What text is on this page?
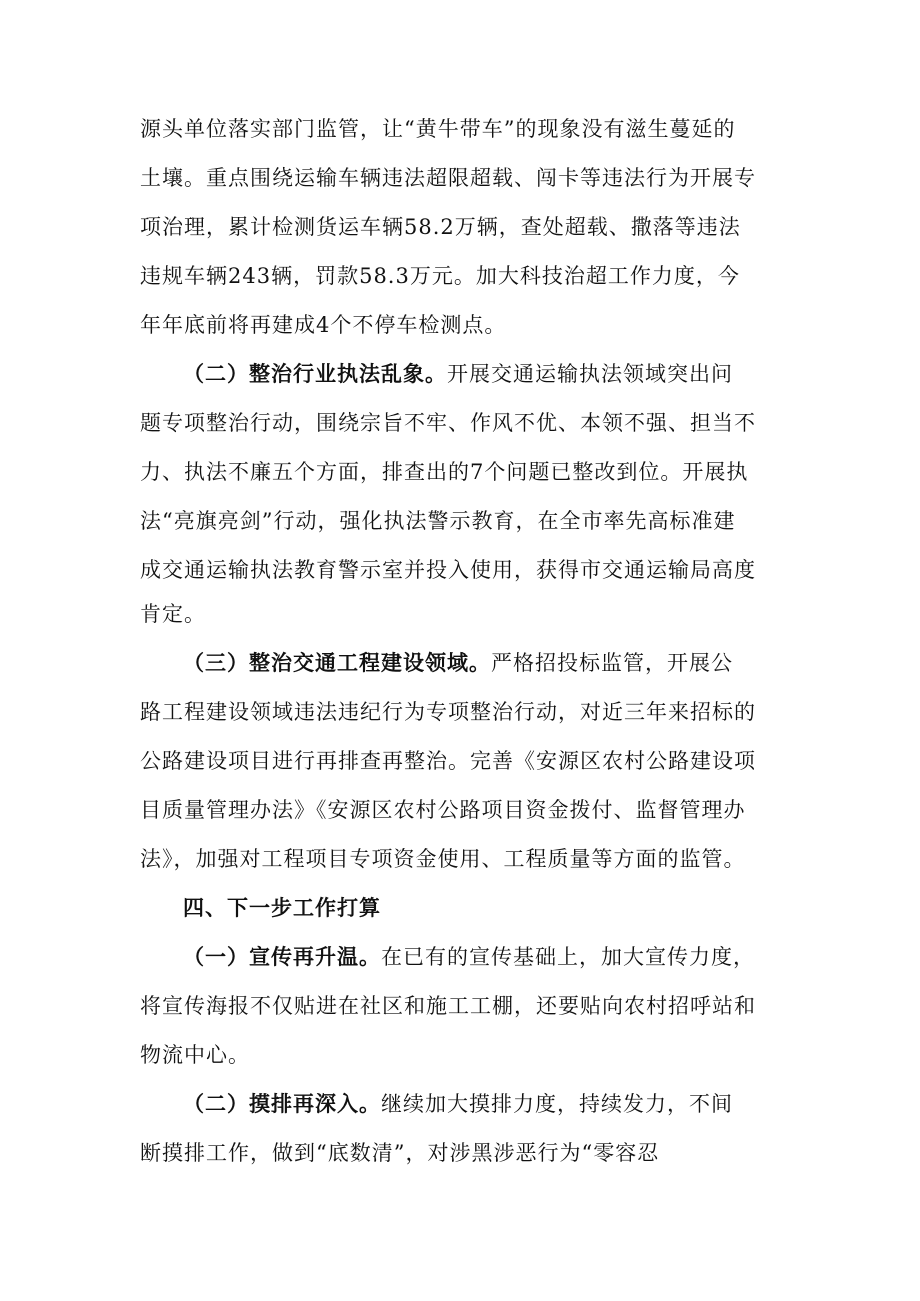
源头单位落实部门监管，让“黄牛带车”的现象没有滋生蔓延的
土壤。重点围绕运输车辆违法超限超载、闯卡等违法行为开展专
项治理，累计检测货运车辆58.2万辆，查处超载、撒落等违法
违规车辆243辆，罚款58.3万元。加大科技治超工作力度，今
年年底前将再建成4个不停车检测点。
（二）整治行业执法乱象。开展交通运输执法领域突出问
题专项整治行动，围绕宗旨不牢、作风不优、本领不强、担当不
力、执法不廉五个方面，排查出的7个问题已整改到位。开展执
法“亮旗亮剑”行动，强化执法警示教育，在全市率先高标准建
成交通运输执法教育警示室并投入使用，获得市交通运输局高度
肯定。
（三）整治交通工程建设领域。严格招投标监管，开展公
路工程建设领域违法违纪行为专项整治行动，对近三年来招标的
公路建设项目进行再排查再整治。完善《安源区农村公路建设项
目质量管理办法》《安源区农村公路项目资金拨付、监督管理办
法》，加强对工程项目专项资金使用、工程质量等方面的监管。
四、下一步工作打算
（一）宣传再升温。在已有的宣传基础上，加大宣传力度，
将宣传海报不仅贴进在社区和施工工棚，还要贴向农村招呼站和
物流中心。
（二）摸排再深入。继续加大摸排力度，持续发力，不间
断摸排工作，做到“底数清”，对涉黑涉恶行为“零容忍
